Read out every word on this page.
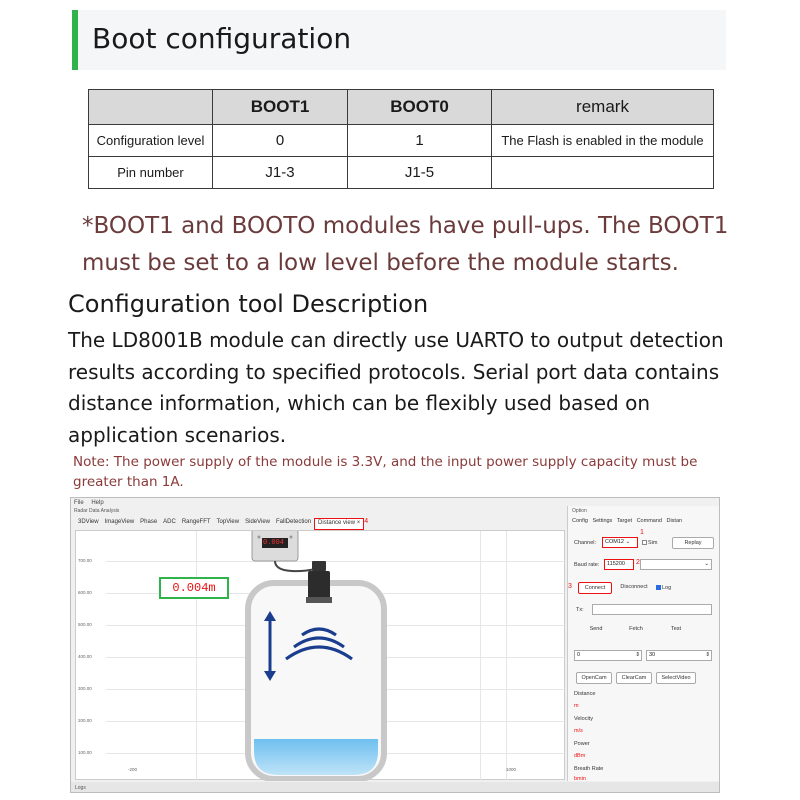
Boot configuration
	BOOT1	BOOT0	remark
Configuration level	0	1	The Flash is enabled in the module
Pin number	J1-3	J1-5	
*BOOT1 and BOOTO modules have pull-ups. The BOOT1 must be set to a low level before the module starts.
Configuration tool Description
The LD8001B module can directly use UARTO to output detection results according to specified protocols. Serial port data contains distance information, which can be flexibly used based on application scenarios.
Note: The power supply of the module is 3.3V, and the input power supply capacity must be greater than 1A.
File Help
Radar Data Analysis
3DView	ImageView	Phase	ADC	RangeFFT	TopView	SideView	FallDetection	Distance view × 4
700.00
600.00
500.00
400.00
300.00
200.00
100.00
-200	1000
0.004
0.004m
Option
Config Settings Target Command Distan
Channel:	COM12 ⌄
1
Sim	Replay
Baud rate:	115200	2	⌄
3	Connect	Disconnect	Log
Tx:
Send	Fetch	Test
0	⇕	30	⇕
OpenCam	ClearCam	SelectVideo
Distance
m
Velocity
m/s
Power
dBm
Breath Rate
bmin
Logs
